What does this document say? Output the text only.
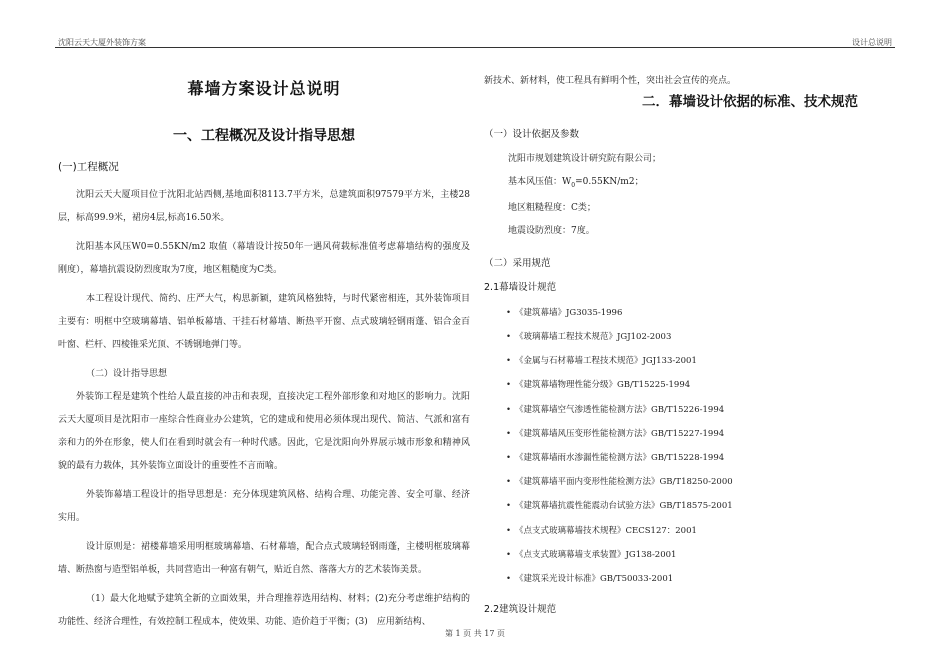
沈阳云天大厦外装饰方案	设计总说明
幕墙方案设计总说明
一、工程概况及设计指导思想
(一)工程概况

沈阳云天大厦项目位于沈阳北站西侧,基地面积8113.7平方米，总建筑面积97579平方米，主楼28层，标高99.9米，裙房4层,标高16.50米。

沈阳基本风压W0=0.55KN/m2 取值（幕墙设计按50年一遇风荷载标准值考虑幕墙结构的强度及刚度），幕墙抗震设防烈度取为7度，地区粗糙度为C类。

本工程设计现代、简约、庄严大气，构思新颖，建筑风格独特，与时代紧密相连，其外装饰项目主要有：明框中空玻璃幕墙、铝单板幕墙、干挂石材幕墙、断热平开窗、点式玻璃轻钢雨蓬、铝合金百叶窗、栏杆、四棱锥采光顶、不锈钢地弹门等。

（二）设计指导思想

外装饰工程是建筑个性给人最直接的冲击和表现，直接决定工程外部形象和对地区的影响力。沈阳云天大厦项目是沈阳市一座综合性商业办公建筑，它的建成和使用必须体现出现代、简洁、气派和富有亲和力的外在形象，使人们在看到时就会有一种时代感。因此，它是沈阳向外界展示城市形象和精神风貌的最有力载体，其外装饰立面设计的重要性不言而喻。

外装饰幕墙工程设计的指导思想是：充分体现建筑风格、结构合理、功能完善、安全可靠、经济实用。

设计原则是：裙楼幕墙采用明框玻璃幕墙、石材幕墙，配合点式玻璃轻钢雨蓬，主楼明框玻璃幕墙、断热窗与造型铝单板，共同营造出一种富有朝气，贴近自然、落落大方的艺术装饰美景。

（1）最大化地赋予建筑全新的立面效果，并合理推荐选用结构、材料；(2)充分考虑维护结构的功能性、经济合理性，有效控制工程成本，使效果、功能、造价趋于平衡；(3)　应用新结构、

新技术、新材料，使工程具有鲜明个性，突出社会宣传的亮点。
二．幕墙设计依据的标准、技术规范
（一）设计依据及参数
沈阳市规划建筑设计研究院有限公司；
基本风压值：$W_0=0.55KN/m2$；
地区粗糙程度：C类；
地震设防烈度：7度。
（二）采用规范
2.1幕墙设计规范
• 《建筑幕墙》JG3035-1996
• 《玻璃幕墙工程技术规范》JGJ102-2003
• 《金属与石材幕墙工程技术规范》JGJ133-2001
• 《建筑幕墙物理性能分级》GB/T15225-1994
• 《建筑幕墙空气渗透性能检测方法》GB/T15226-1994
• 《建筑幕墙风压变形性能检测方法》GB/T15227-1994
• 《建筑幕墙雨水渗漏性能检测方法》GB/T15228-1994
• 《建筑幕墙平面内变形性能检测方法》GB/T18250-2000
• 《建筑幕墙抗震性能震动台试验方法》GB/T18575-2001
• 《点支式玻璃幕墙技术规程》CECS127：2001
• 《点支式玻璃幕墙支承装置》JG138-2001
• 《建筑采光设计标准》GB/T50033-2001
2.2建筑设计规范
第 1 页 共 17 页
